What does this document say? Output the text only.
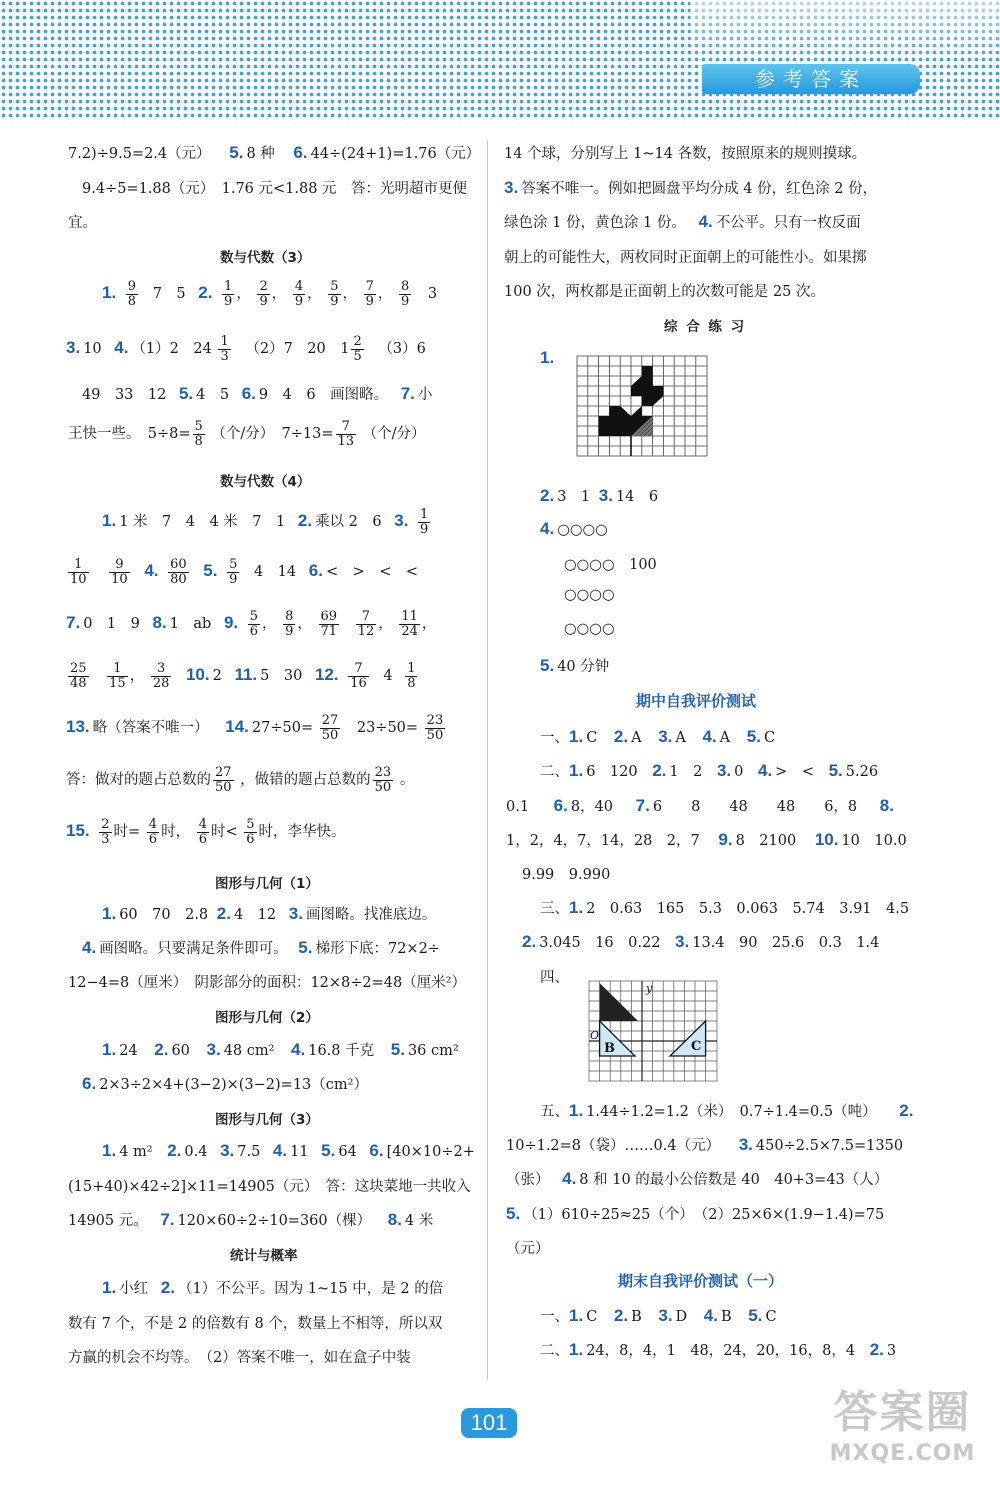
参考答案
7.2)÷9.5=2.4（元） 5. 8 种 6. 44÷(24+1)=1.76（元）
9.4÷5=1.88（元）　1.76 元<1.88 元　答：光明超市更便
宜。
数与代数（3）
1. $\frac{9}{8} 7$　5 2. $\frac{1}{9}$ ， $\frac{2}{9}$ ， $\frac{4}{9}$ ， $\frac{5}{9}$ ， $\frac{7}{9}$ ， $\frac{8}{9} 3$
3. 10 4. （1）2　$24 \frac{1}{3} (2)7$　20　$1 \frac{2}{5} (3)6$
49　33　12 5. 4　5 6. 9　4　6　画图略。 7. 小
王快一些。　$5\div 8= \frac{5}{8}$ （个/分）　$7\div 13= \frac{7}{13}$ （个/分）
数与代数（4）
1. 1 米　7　4　4 米　7　1 2. 乘以 2　6 3. $\frac{1}{9}$
$\frac{1}{10}$
$\frac{9}{10} 4$. $\frac{60}{80} 5$. $\frac{5}{9} 4$　14 6. <　>　<　<
7. 0　1　9 8. 1　ab 9. $\frac{5}{6}$ ， $\frac{8}{9}$ ， $\frac{69}{71}$
$\frac{7}{12}$ ， $\frac{11}{24}$ ，
$\frac{25}{48}$
$\frac{1}{15}$ ， $\frac{3}{28} 10$. 2 11. 5　30 12. $\frac{7}{16} 4 \frac{1}{8}$
13. 略（答案不唯一） 14. $27\div 50= \frac{27}{50} 23\div 50= \frac{23}{50}$
答：做对的题占总数的 $\frac{27}{50}$ ，做错的题占总数的 $\frac{23}{50}$ 。
15. $\frac{2}{3}$ 时= $\frac{4}{6}$ 时， $\frac{4}{6}$ 时< $\frac{5}{6}$ 时，李华快。
图形与几何（1）
1. 60　70　2.8 2. 4　12 3. 画图略。找准底边。
4. 画图略。只要满足条件即可。 5. 梯形下底：72×2÷
12−4=8（厘米）　阴影部分的面积：12×8÷2=48（厘米²）
图形与几何（2）
1. 24 2. 60 3. 48 cm² 4. 16.8 千克 5. 36 cm²
6. 2×3÷2×4+(3−2)×(3−2)=13（cm²）
图形与几何（3）
1. 4 m² 2. 0.4 3. 7.5 4. 11 5. 64 6. [40×10÷2+
(15+40)×42÷2]×11=14905（元）　答：这块菜地一共收入
14905 元。 7. 120×60÷2÷10=360（棵） 8. 4 米
统计与概率
1. 小红 2. （1）不公平。因为 1~15 中，是 2 的倍
数有 7 个，不是 2 的倍数有 8 个，数量上不相等，所以双
方赢的机会不均等。　（2）答案不唯一，如在盒子中装
14 个球，分别写上 1~14 各数，按照原来的规则摸球。
3. 答案不唯一。例如把圆盘平均分成 4 份，红色涂 2 份，
绿色涂 1 份，黄色涂 1 份。 4. 不公平。只有一枚反面
朝上的可能性大，两枚同时正面朝上的可能性小。如果掷
100 次，两枚都是正面朝上的次数可能是 25 次。
综 合 练 习
1.
2. 3　1 3. 14　6
4. ○○○○
○○○○　100
○○○○
○○○○
5. 40 分钟
期中自我评价测试
一、1. C 2. A 3. A 4. A 5. C
二、1. 6　120 2. 1　2 3. 0 4. >　< 5. 5.26
0.1 6. 8，40 7. 6　　8　　48　　48　　6，8 8.
1，2，4，7，14，28　2，7 9. 8　2100 10. 10　10.0
9.99　9.990
三、1. 2　0.63　165　5.3　0.063　5.74　3.91　4.5
2. 3.045　16　0.22 3. 13.4　90　25.6　0.3　1.4
四、
y
O
B	C
五、1. 1.44÷1.2=1.2（米）　0.7÷1.4=0.5（吨） 2.
10÷1.2=8（袋）……0.4（元） 3. 450÷2.5×7.5=1350
（张） 4. 8 和 10 的最小公倍数是 40　40+3=43（人）
5. （1）610÷25≈25（个）　（2）25×6×(1.9−1.4)=75
（元）
期末自我评价测试（一）
一、1. C 2. B 3. D 4. B 5. C
二、1. 24，8，4，1　48，24，20，16，8，4 2. 3
101	答案圈
MXQE.COM
